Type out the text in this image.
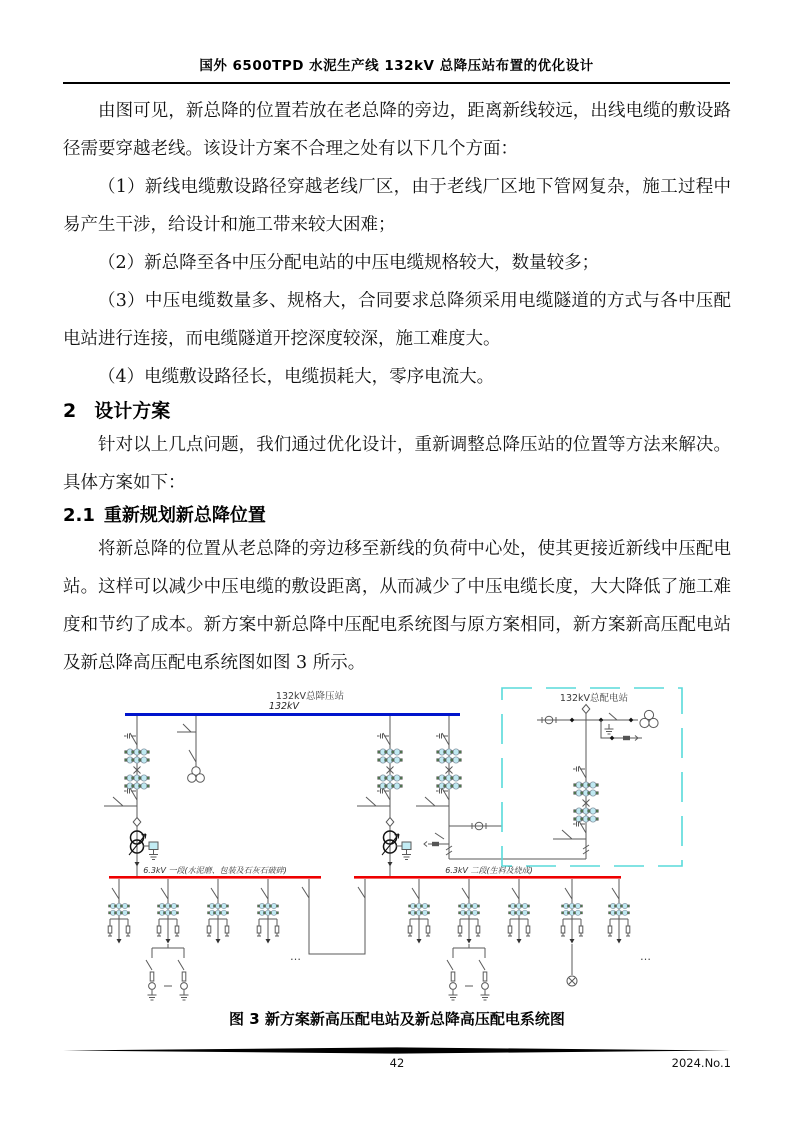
国外 6500TPD 水泥生产线 132kV 总降压站布置的优化设计

由图可见，新总降的位置若放在老总降的旁边，距离新线较远，出线电缆的敷设路径需要穿越老线。该设计方案不合理之处有以下几个方面：

（1）新线电缆敷设路径穿越老线厂区，由于老线厂区地下管网复杂，施工过程中易产生干涉，给设计和施工带来较大困难；

（2）新总降至各中压分配电站的中压电缆规格较大，数量较多；

（3）中压电缆数量多、规格大，合同要求总降须采用电缆隧道的方式与各中压配电站进行连接，而电缆隧道开挖深度较深，施工难度大。

（4）电缆敷设路径长，电缆损耗大，零序电流大。

2 设计方案

针对以上几点问题，我们通过优化设计，重新调整总降压站的位置等方法来解决。具体方案如下：

2.1 重新规划新总降位置

将新总降的位置从老总降的旁边移至新线的负荷中心处，使其更接近新线中压配电站。这样可以减少中压电缆的敷设距离，从而减少了中压电缆长度，大大降低了施工难度和节约了成本。新方案中新总降中压配电系统图与原方案相同，新方案新高压配电站及新总降高压配电系统图如图 3 所示。

132kV总降压站
132kV
132kV总配电站
6.3kV 一段(水泥磨、包装及石灰石破碎)	6.3kV 二段(生料及烧成)
…	…
图 3 新方案新高压配电站及新总降高压配电系统图
42	2024.No.1
